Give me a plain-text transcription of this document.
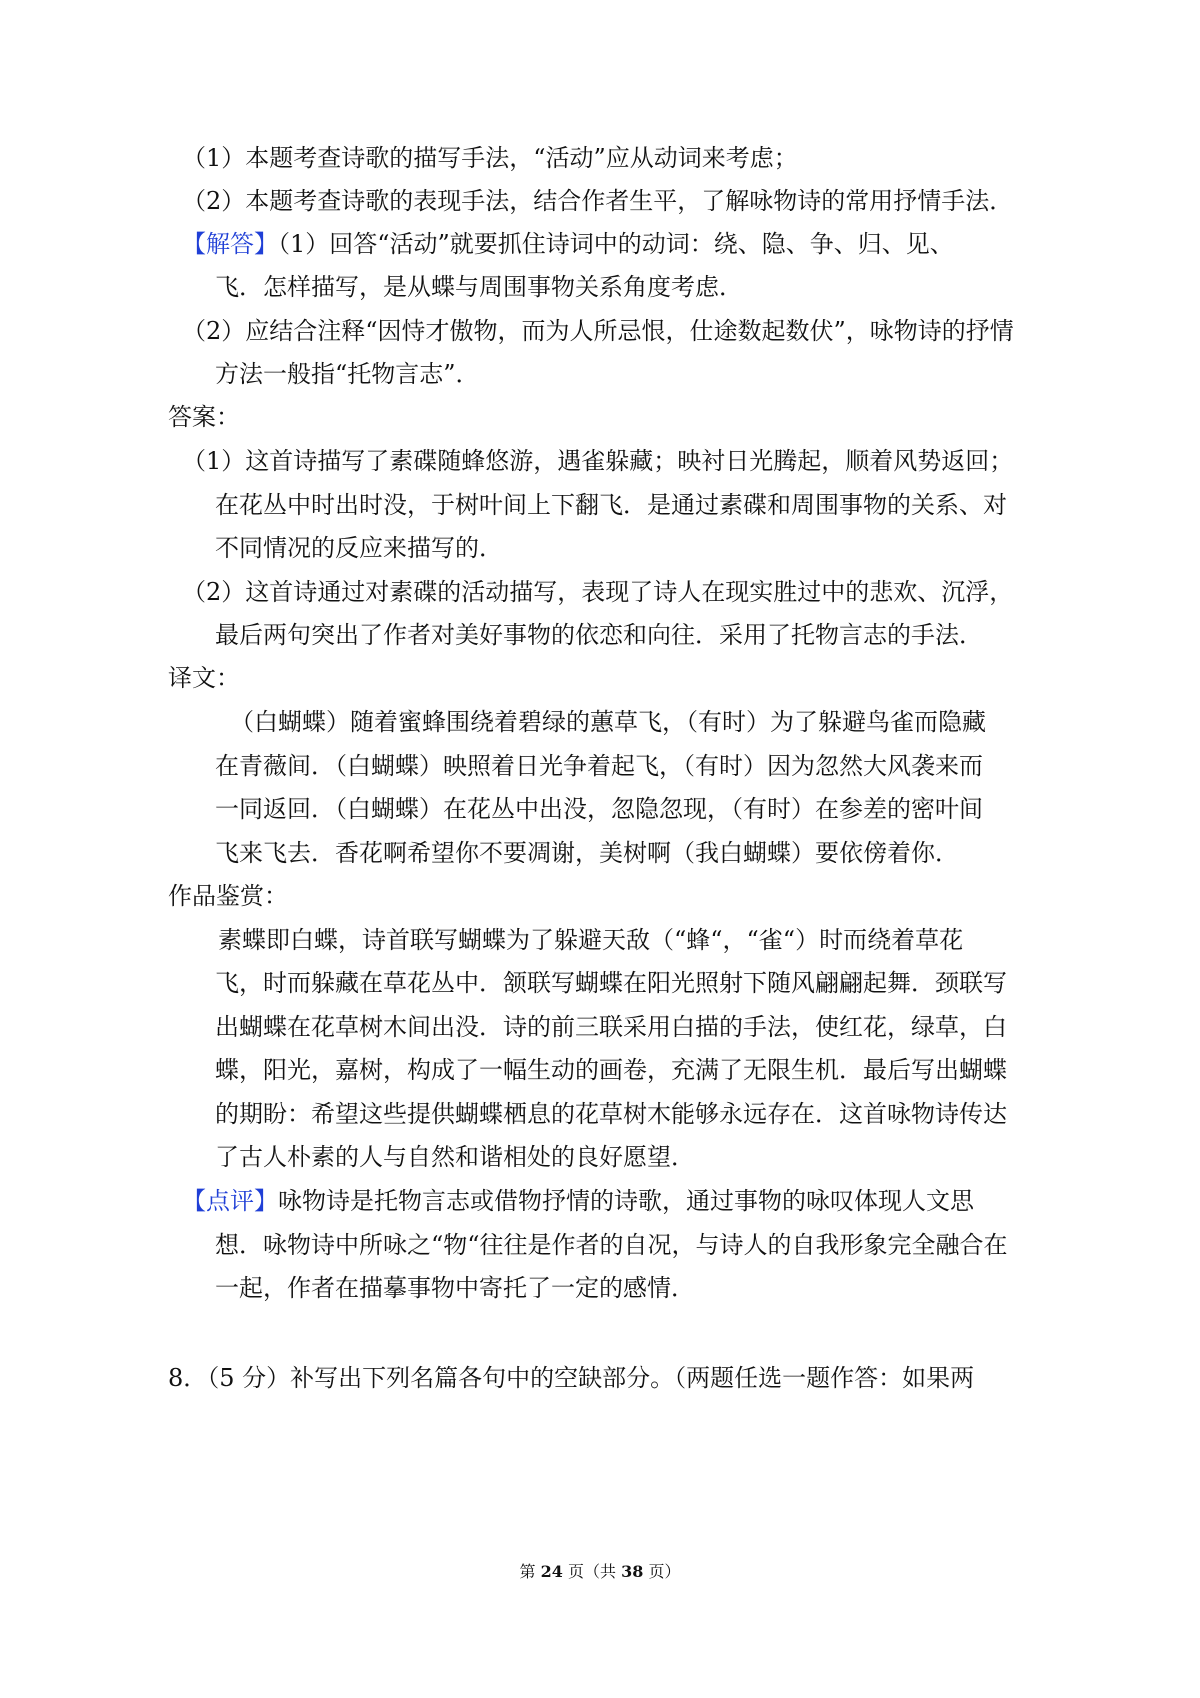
（1）本题考查诗歌的描写手法，“活动”应从动词来考虑；
（2）本题考查诗歌的表现手法，结合作者生平，了解咏物诗的常用抒情手法．
【解答】（1）回答“活动”就要抓住诗词中的动词：绕、隐、争、归、见、
飞．怎样描写，是从蝶与周围事物关系角度考虑．
（2）应结合注释“因恃才傲物，而为人所忌恨，仕途数起数伏”，咏物诗的抒情
方法一般指“托物言志”．
答案：
（1）这首诗描写了素碟随蜂悠游，遇雀躲藏；映衬日光腾起，顺着风势返回；
在花丛中时出时没，于树叶间上下翻飞．是通过素碟和周围事物的关系、对
不同情况的反应来描写的．
（2）这首诗通过对素碟的活动描写，表现了诗人在现实胜过中的悲欢、沉浮，
最后两句突出了作者对美好事物的依恋和向往．采用了托物言志的手法．
译文：
（白蝴蝶）随着蜜蜂围绕着碧绿的蕙草飞，（有时）为了躲避鸟雀而隐藏
在青薇间．（白蝴蝶）映照着日光争着起飞，（有时）因为忽然大风袭来而
一同返回．（白蝴蝶）在花丛中出没，忽隐忽现，（有时）在参差的密叶间
飞来飞去．香花啊希望你不要凋谢，美树啊（我白蝴蝶）要依傍着你．
作品鉴赏：
素蝶即白蝶，诗首联写蝴蝶为了躲避天敌（“蜂“，“雀“）时而绕着草花
飞，时而躲藏在草花丛中．颔联写蝴蝶在阳光照射下随风翩翩起舞．颈联写
出蝴蝶在花草树木间出没．诗的前三联采用白描的手法，使红花，绿草，白
蝶，阳光，嘉树，构成了一幅生动的画卷，充满了无限生机．最后写出蝴蝶
的期盼：希望这些提供蝴蝶栖息的花草树木能够永远存在．这首咏物诗传达
了古人朴素的人与自然和谐相处的良好愿望．
【点评】咏物诗是托物言志或借物抒情的诗歌，通过事物的咏叹体现人文思
想．咏物诗中所咏之“物“往往是作者的自况，与诗人的自我形象完全融合在
一起，作者在描摹事物中寄托了一定的感情．
8．（5 分）补写出下列名篇各句中的空缺部分。（两题任选一题作答：如果两
第 24 页（共 38 页）
